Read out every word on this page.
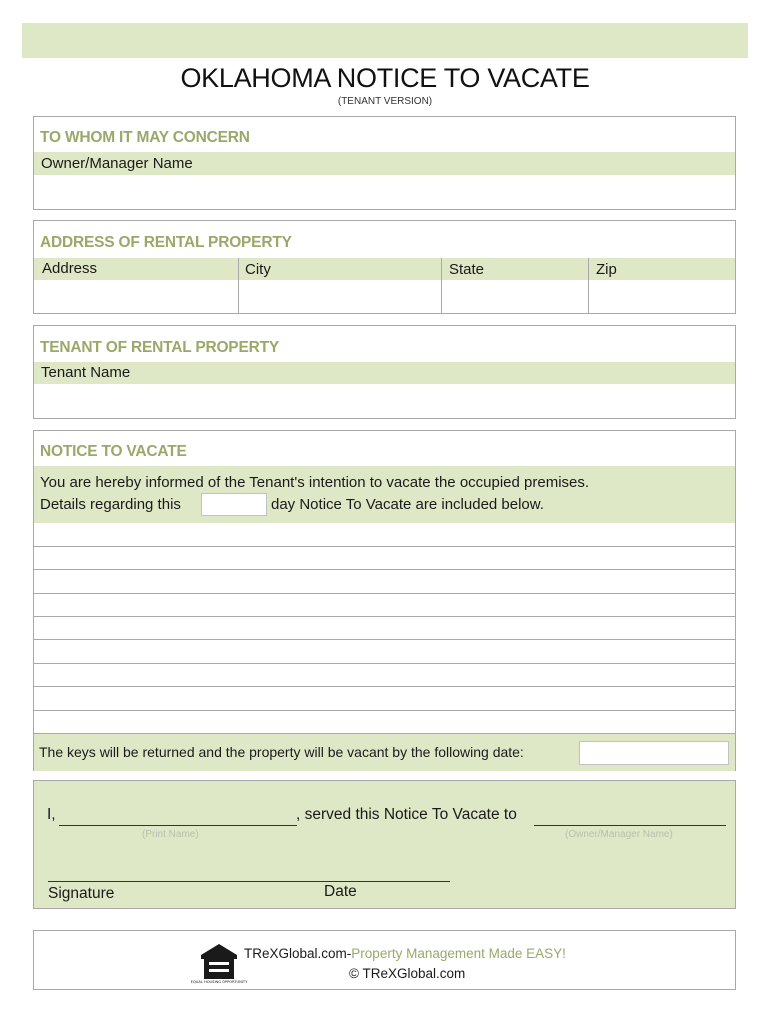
OKLAHOMA NOTICE TO VACATE
(TENANT VERSION)
TO WHOM IT MAY CONCERN
Owner/Manager Name
ADDRESS OF RENTAL PROPERTY
Address	City	State	Zip
TENANT OF RENTAL PROPERTY
Tenant Name
NOTICE TO VACATE
You are hereby informed of the Tenant's intention to vacate the occupied premises.
Details regarding this	day Notice To Vacate are included below.
The keys will be returned and the property will be vacant by the following date:
I,	, served this Notice To Vacate to
(Print Name)	(Owner/Manager Name)
Signature	Date
EQUAL HOUSING OPPORTUNITY
TReXGlobal.com-Property Management Made EASY!
© TReXGlobal.com
